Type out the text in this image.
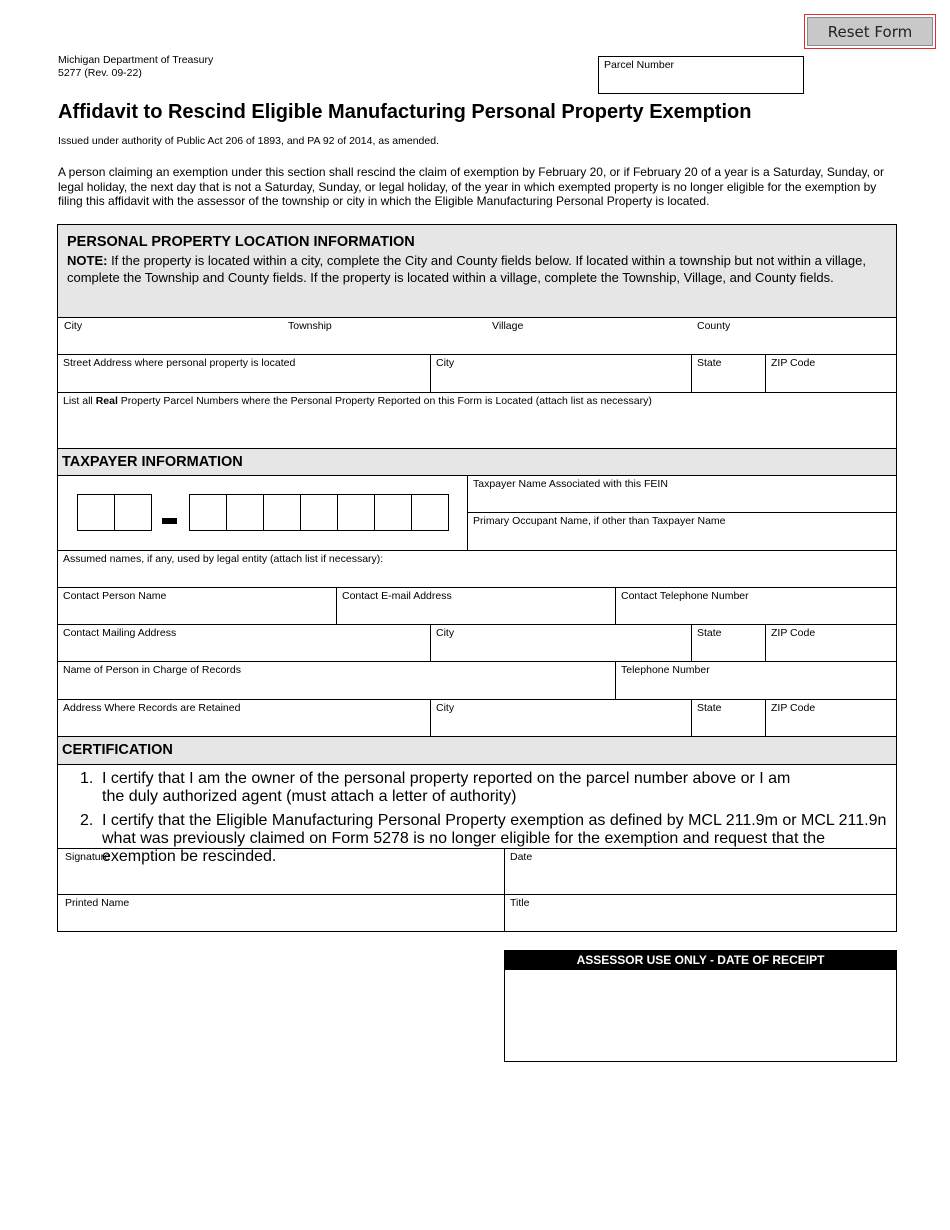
Reset Form
Michigan Department of Treasury
5277 (Rev. 09-22)
Parcel Number
Affidavit to Rescind Eligible Manufacturing Personal Property Exemption
Issued under authority of Public Act 206 of 1893, and PA 92 of 2014, as amended.
A person claiming an exemption under this section shall rescind the claim of exemption by February 20, or if February 20 of a year is a Saturday, Sunday, or legal holiday, the next day that is not a Saturday, Sunday, or legal holiday, of the year in which exempted property is no longer eligible for the exemption by filing this affidavit with the assessor of the township or city in which the Eligible Manufacturing Personal Property is located.
PERSONAL PROPERTY LOCATION INFORMATION
NOTE: If the property is located within a city, complete the City and County fields below. If located within a township but not within a village, complete the Township and County fields. If the property is located within a village, complete the Township, Village, and County fields.
City	Township	Village	County
Street Address where personal property is located	City	State	ZIP Code
List all Real Property Parcel Numbers where the Personal Property Reported on this Form is Located (attach list as necessary)
TAXPAYER INFORMATION
Taxpayer Name Associated with this FEIN
Primary Occupant Name, if other than Taxpayer Name
Assumed names, if any, used by legal entity (attach list if necessary):
Contact Person Name	Contact E-mail Address	Contact Telephone Number
Contact Mailing Address	City	State	ZIP Code
Name of Person in Charge of Records	Telephone Number
Address Where Records are Retained	City	State	ZIP Code
CERTIFICATION
1. I certify that I am the owner of the personal property reported on the parcel number above or I am the duly authorized agent (must attach a letter of authority)
2. I certify that the Eligible Manufacturing Personal Property exemption as defined by MCL 211.9m or MCL 211.9n what was previously claimed on Form 5278 is no longer eligible for the exemption and request that the exemption be rescinded.
Signature	Date
Printed Name	Title
ASSESSOR USE ONLY - DATE OF RECEIPT
